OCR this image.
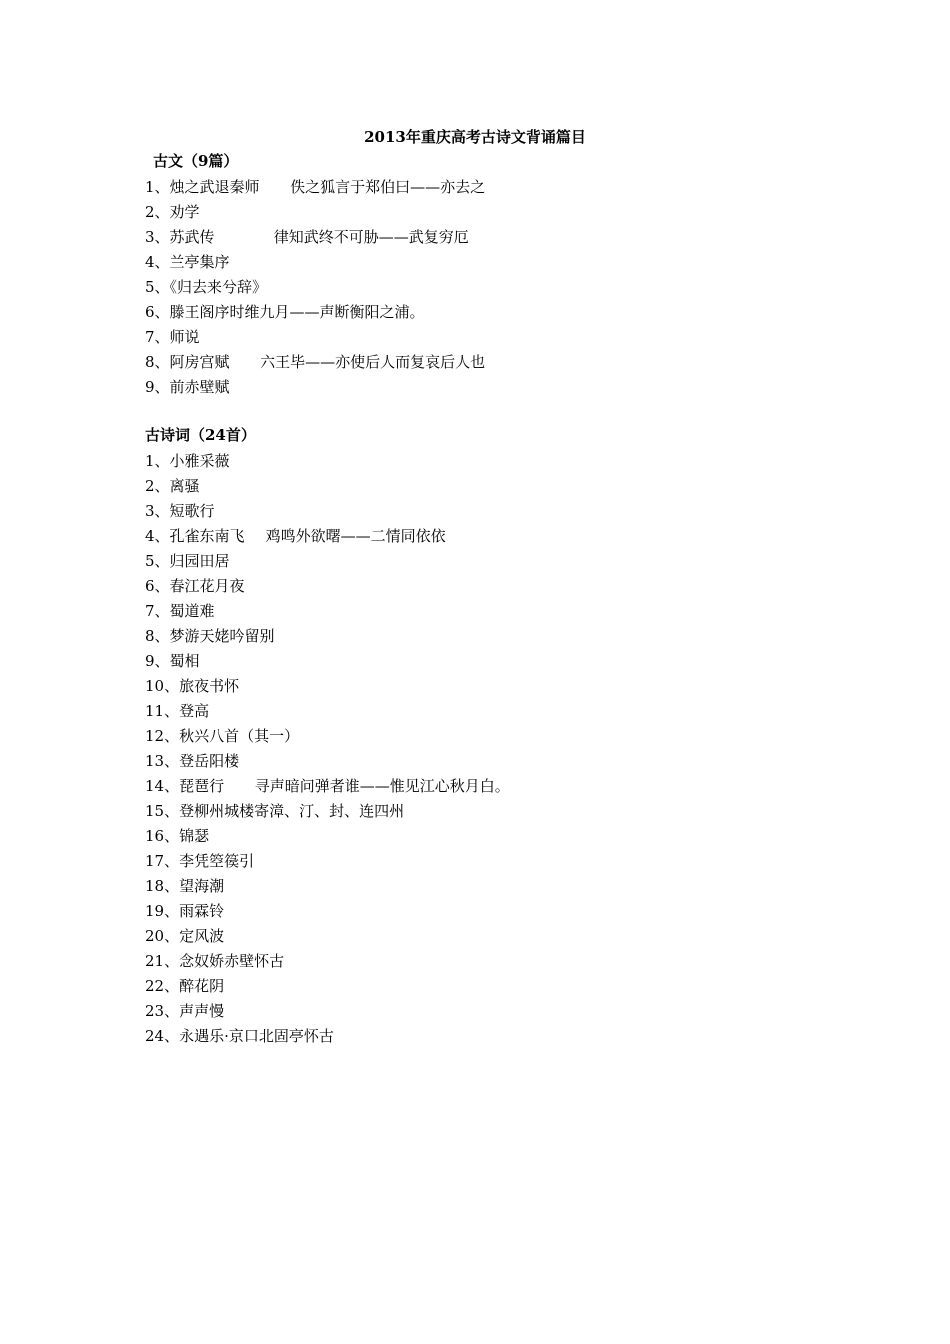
2013年重庆高考古诗文背诵篇目
古文（9篇）
1、烛之武退秦师 佚之狐言于郑伯曰——亦去之
2、劝学
3、苏武传	律知武终不可胁——武复穷厄
4、兰亭集序
5、《归去来兮辞》
6、滕王阁序时维九月——声断衡阳之浦。
7、师说
8、阿房宫赋 六王毕——亦使后人而复哀后人也
9、前赤壁赋
古诗词（24首）
1、小雅采薇
2、离骚
3、短歌行
4、孔雀东南飞 鸡鸣外欲曙——二情同依依
5、归园田居
6、春江花月夜
7、蜀道难
8、梦游天姥吟留别
9、蜀相
10、旅夜书怀
11、登高
12、秋兴八首（其一）
13、登岳阳楼
14、琵琶行 寻声暗问弹者谁——惟见江心秋月白。
15、登柳州城楼寄漳、汀、封、连四州
16、锦瑟
17、李凭箜篌引
18、望海潮
19、雨霖铃
20、定风波
21、念奴娇赤壁怀古
22、醉花阴
23、声声慢
24、永遇乐·京口北固亭怀古
